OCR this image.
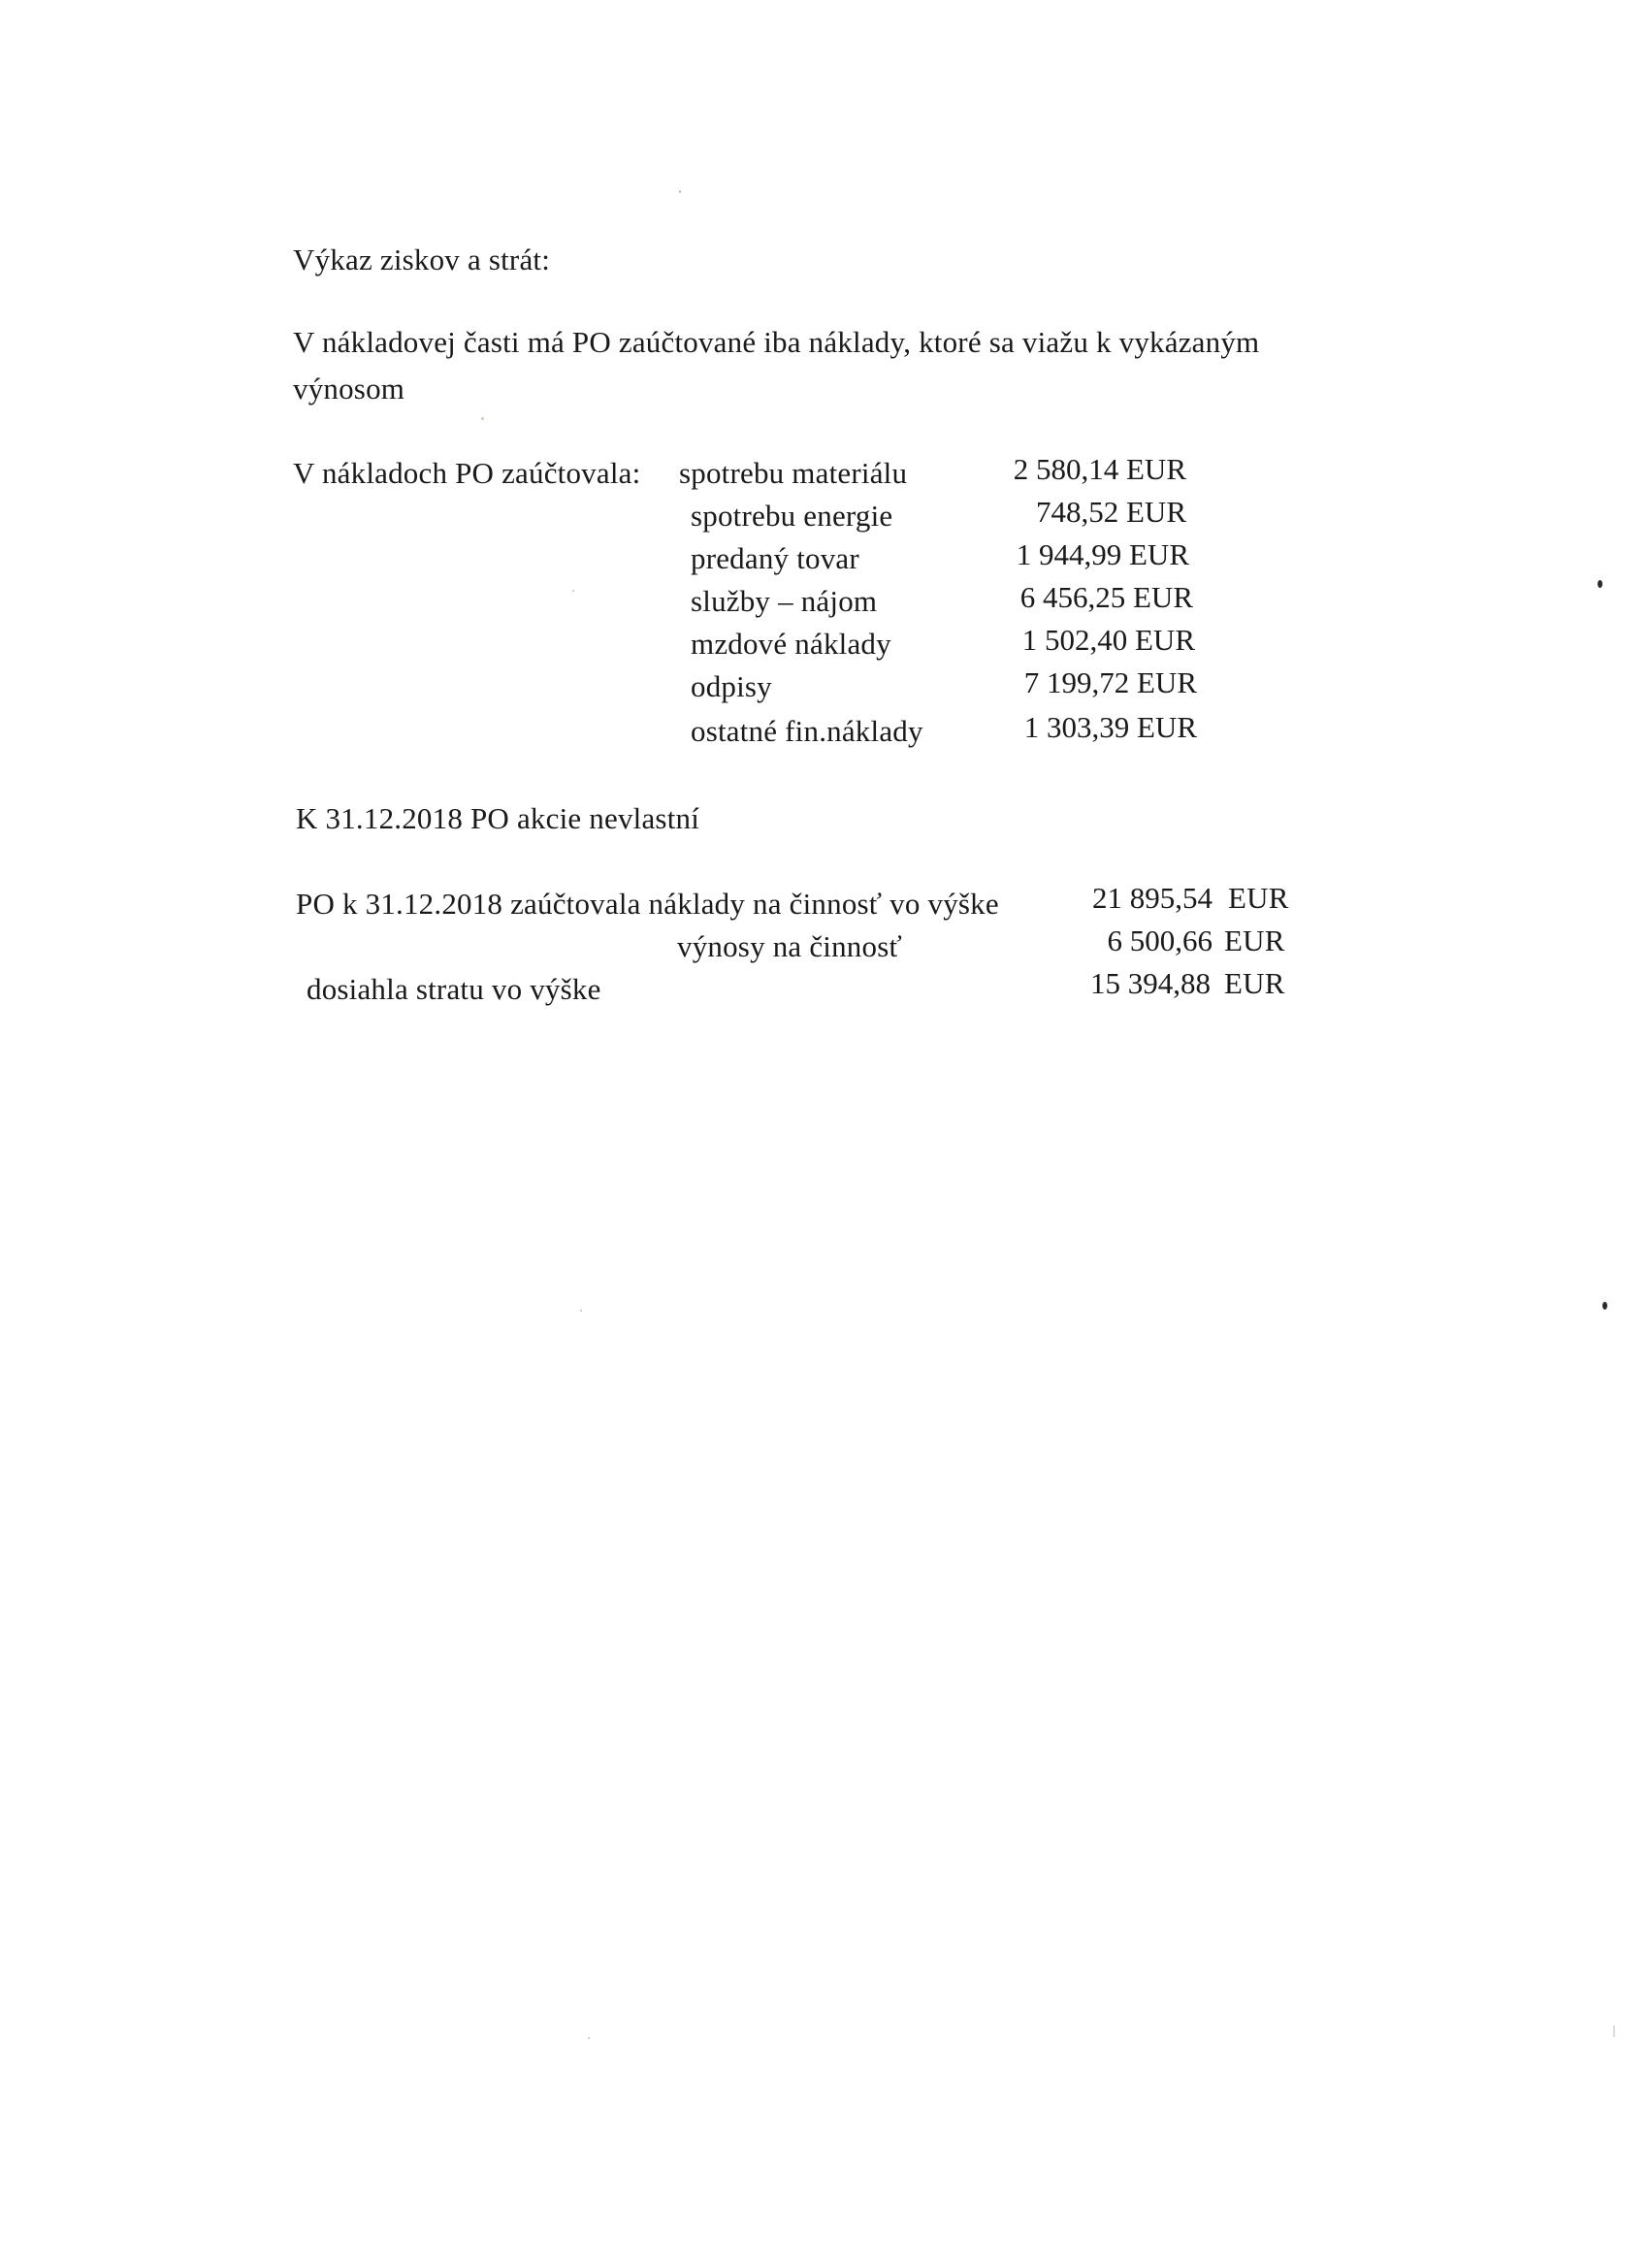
Výkaz ziskov a strát:
V nákladovej časti má PO zaúčtované iba náklady, ktoré sa viažu k vykázaným
výnosom
V nákladoch PO zaúčtovala: spotrebu materiálu	2 580,14 EUR
spotrebu energie	748,52 EUR
predaný tovar	1 944,99 EUR
služby – nájom	6 456,25 EUR
mzdové náklady	1 502,40 EUR
odpisy	7 199,72 EUR
ostatné fin.náklady	1 303,39 EUR
K 31.12.2018 PO akcie nevlastní
PO k 31.12.2018 zaúčtovala náklady na činnosť vo výške	21 895,54 EUR
výnosy na činnosť	6 500,66 EUR
dosiahla stratu vo výške	15 394,88 EUR
